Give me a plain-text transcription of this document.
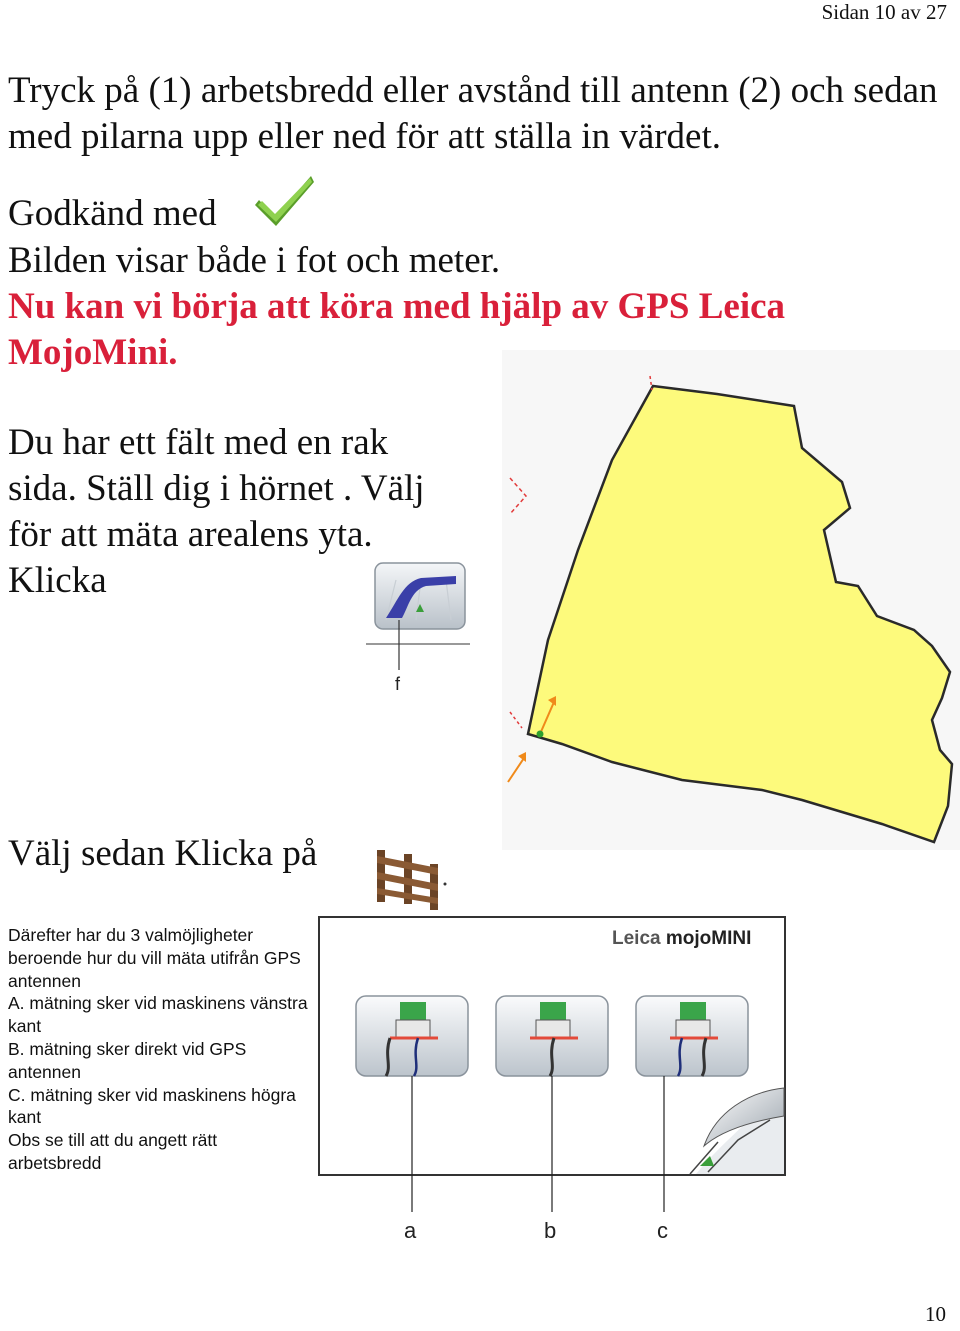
Sidan 10 av 27
10
Tryck på (1) arbetsbredd eller avstånd till antenn (2) och sedan med pilarna upp eller ned för att ställa in värdet.
Godkänd med
Bilden visar både i fot och meter.
Nu kan vi börja att köra med hjälp av GPS Leica MojoMini.
Du har ett fält med en rak sida. Ställ dig i hörnet . Välj för att mäta arealens yta. Klicka
f
Välj sedan Klicka på
Därefter har du 3 valmöjligheter beroende hur du vill mäta utifrån GPS antennen
A. mätning sker vid maskinens vänstra kant
B. mätning sker direkt vid GPS antennen
C. mätning sker vid maskinens högra kant
Obs se till att du angett rätt arbetsbredd
Leica mojoMINI
a	b	c
